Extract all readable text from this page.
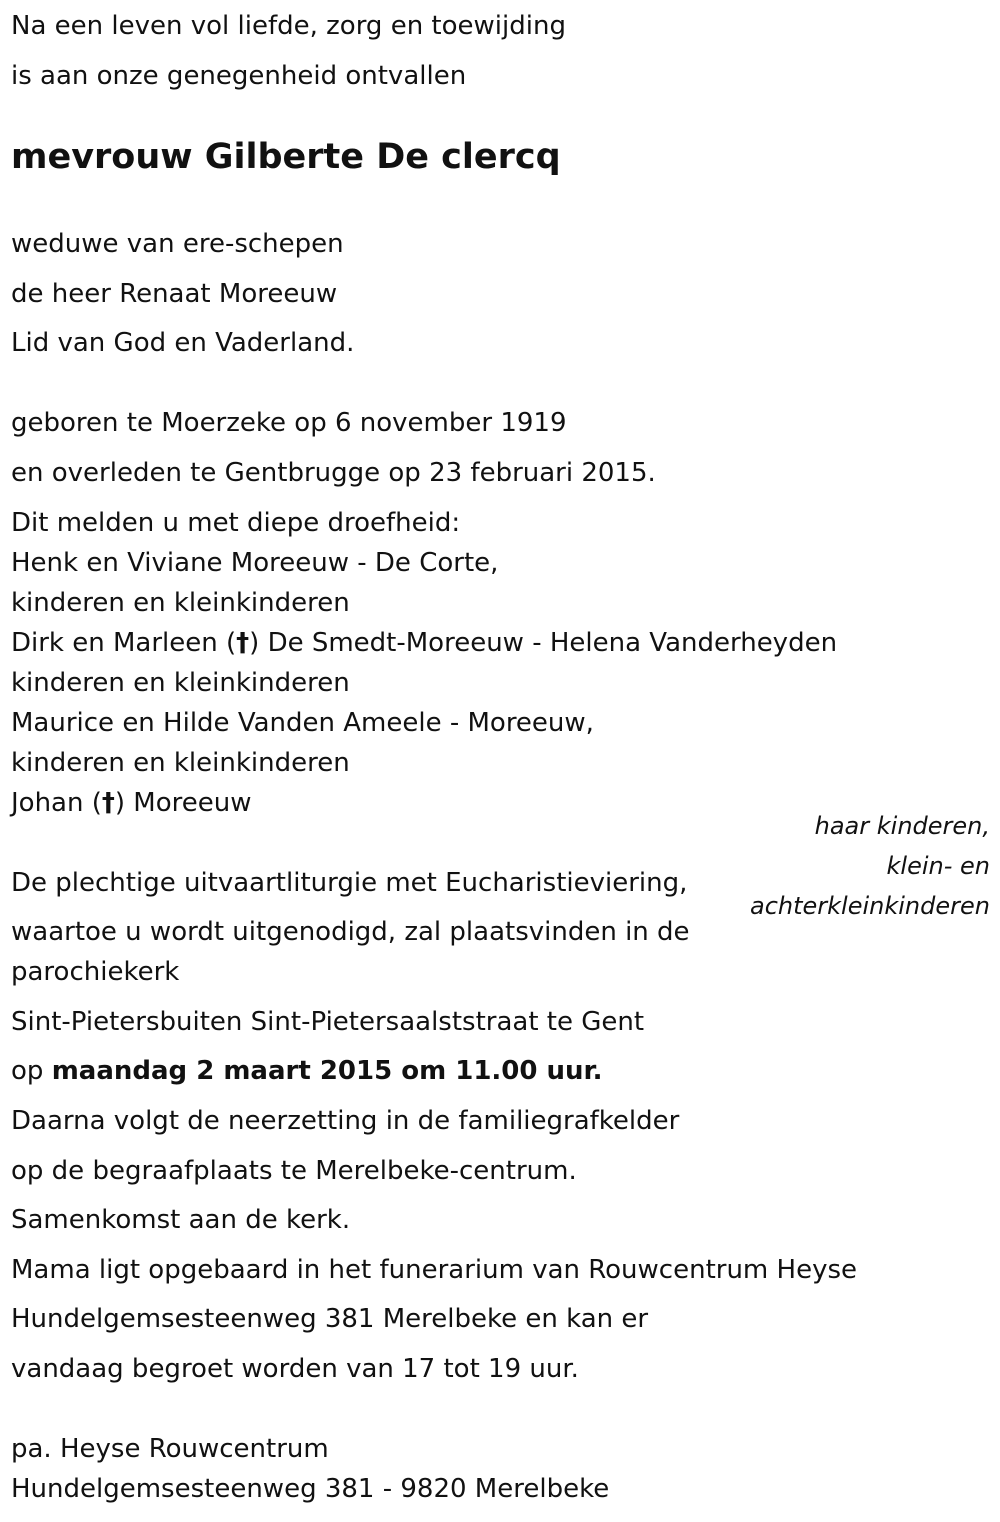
Na een leven vol liefde, zorg en toewijding
is aan onze genegenheid ontvallen
mevrouw Gilberte De clercq
weduwe van ere-schepen
de heer Renaat Moreeuw
Lid van God en Vaderland.
geboren te Moerzeke op 6 november 1919
en overleden te Gentbrugge op 23 februari 2015.
Dit melden u met diepe droefheid:
Henk en Viviane Moreeuw - De Corte,
kinderen en kleinkinderen
Dirk en Marleen (†) De Smedt-Moreeuw - Helena Vanderheyden
kinderen en kleinkinderen
Maurice en Hilde Vanden Ameele - Moreeuw,
kinderen en kleinkinderen
Johan (†) Moreeuw
haar kinderen,
klein- en
achterkleinkinderen
De plechtige uitvaartliturgie met Eucharistieviering,
waartoe u wordt uitgenodigd, zal plaatsvinden in de
parochiekerk
Sint-Pietersbuiten Sint-Pietersaalststraat te Gent
op maandag 2 maart 2015 om 11.00 uur.
Daarna volgt de neerzetting in de familiegrafkelder
op de begraafplaats te Merelbeke-centrum.
Samenkomst aan de kerk.
Mama ligt opgebaard in het funerarium van Rouwcentrum Heyse
Hundelgemsesteenweg 381 Merelbeke en kan er
vandaag begroet worden van 17 tot 19 uur.
pa. Heyse Rouwcentrum
Hundelgemsesteenweg 381 - 9820 Merelbeke
